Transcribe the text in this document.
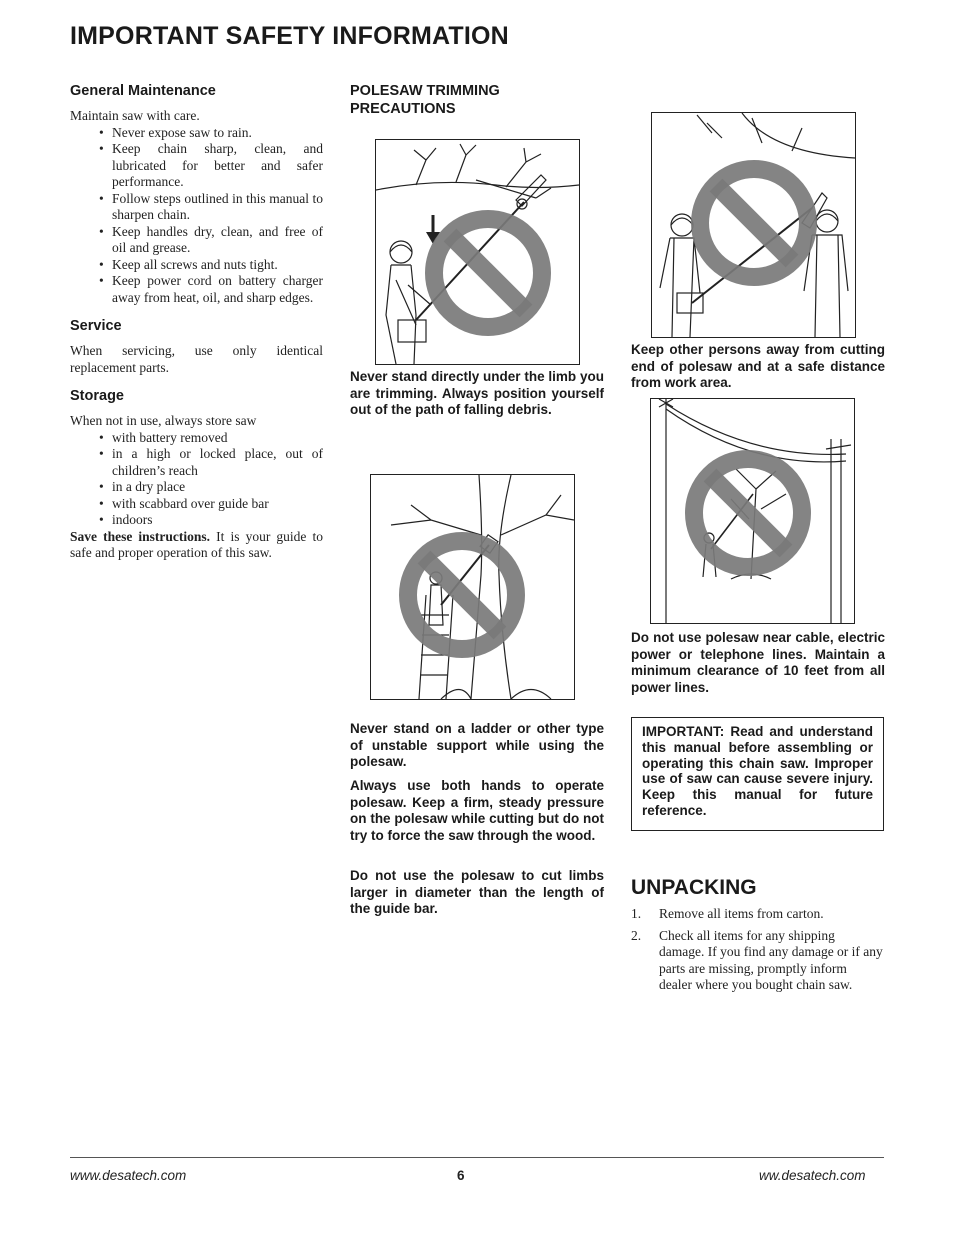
IMPORTANT SAFETY INFORMATION
General Maintenance

Maintain saw with care.

• Never expose saw to rain.
• Keep chain sharp, clean, and lubricated for better and safer performance.
• Follow steps outlined in this manual to sharpen chain.
• Keep handles dry, clean, and free of oil and grease.
• Keep all screws and nuts tight.
• Keep power cord on battery charger away from heat, oil, and sharp edges.
Service

When servicing, use only identical replacement parts.

Storage

When not in use, always store saw

• with battery removed
• in a high or locked place, out of children’s reach
• in a dry place
• with scabbard over guide bar
• indoors

Save these instructions. It is your guide to safe and proper operation of this saw.

POLESAW TRIMMING PRECAUTIONS

Never stand directly under the limb you are trimming. Always position yourself out of the path of falling debris.

Never stand on a ladder or other type of unstable support while using the polesaw.

Always use both hands to operate polesaw. Keep a firm, steady pressure on the polesaw while cutting but do not try to force the saw through the wood.

Do not use the polesaw to cut limbs larger in diameter than the length of the guide bar.

Keep other persons away from cutting end of polesaw and at a safe distance from work area.

Do not use polesaw near cable, electric power or telephone lines. Maintain a minimum clearance of 10 feet from all power lines.

IMPORTANT: Read and understand this manual before assembling or operating this chain saw. Improper use of saw can cause severe injury. Keep this manual for future reference.

UNPACKING
1. Remove all items from carton.
2. Check all items for any shipping damage. If you find any damage or if any parts are missing, promptly inform dealer where you bought chain saw.
www.desatech.com	6	ww.desatech.com
